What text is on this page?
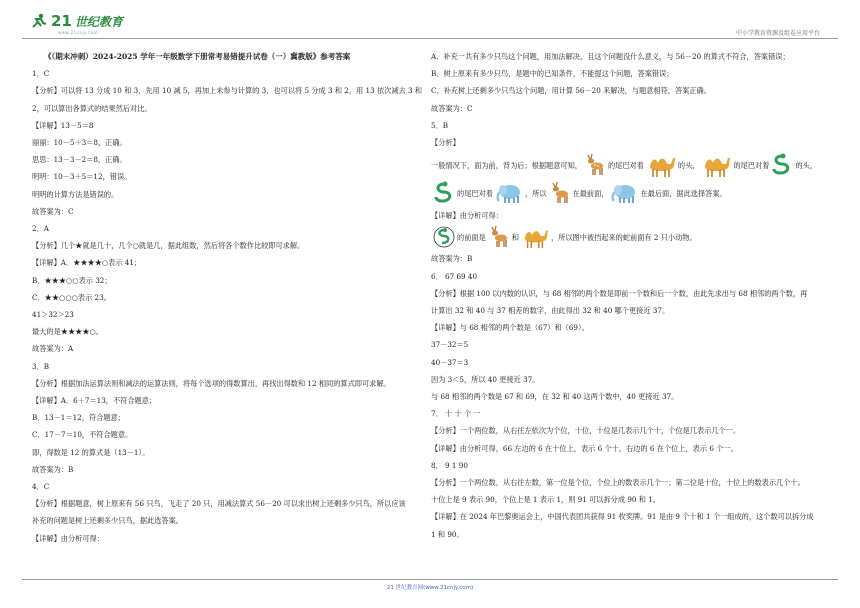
21 世纪教育
www.21cnjy.com	中小学教育资源及组卷应用平台
《（期末冲刺）2024-2025 学年一年级数学下册常考易错提升试卷（一）冀教版》参考答案
1．C
【分析】可以将 13 分成 10 和 3，先用 10 减 5，再加上未参与计算的 3，也可以将 5 分成 3 和 2，用 13 依次减去 3 和
2，可以算出各算式的结果然后对比。
【详解】13－5＝8
丽丽：10－5＋3＝8，正确。
思思：13－3－2＝8，正确。
明明：10－3＋5＝12，错误。
明明的计算方法是错误的。
故答案为：C
2．A
【分析】几个★就是几十，几个○就是几，据此组数，然后将各个数作比较即可求解。
【详解】A．★★★★○表示 41；
B．★★★○○表示 32；
C．★★○○○表示 23。
41＞32＞23
最大的是★★★★○。
故答案为：A
3．B
【分析】根据加法运算法则和减法的运算法则，将每个选项的得数算出，再找出得数和 12 相同的算式即可求解。
【详解】A．6＋7＝13，不符合题意；
B．13－1＝12，符合题意；
C．17－7＝10，不符合题意。
即，得数是 12 的算式是（13－1）。
故答案为：B
4．C
【分析】根据题意，树上原来有 56 只鸟，飞走了 20 只，用减法算式 56－20 可以求出树上还剩多少只鸟，所以应该
补充的问题是树上还剩多少只鸟，据此选答案。
【详解】由分析可得：
A．补充一共有多少只鸟这个问题，用加法解决，且这个问题没什么意义，与 56－20 的算式不符合，答案错误；
B．树上原来有多少只鸟，是题中的已知条件，不能提这个问题，答案错误；
C．补充树上还剩多少只鸟这个问题，用计算 56－20 来解决，与题意相符，答案正确。
故答案为：C
5．B
【分析】
一般情况下，面为前，背为后；根据题意可知，	的尾巴对着	的头，	的尾巴对着	的头，
的尾巴对着	，所以	在最前面，	在最后面，据此选择答案。
【详解】由分析可得：
的前面是	和	，所以图中被挡起来的蛇前面有 2 只小动物。
故答案为：B
6． 67 69 40
【分析】根据 100 以内数的认识，与 68 相邻的两个数是即前一个数和后一个数，由此先求出与 68 相邻的两个数，再
计算出 32 和 40 与 37 相差的数字，由此得出 32 和 40 哪个更接近 37。
【详解】与 68 相邻的两个数是（67）和（69）。
37－32＝5
40－37＝3
因为 3＜5，所以 40 更接近 37。
与 68 相邻的两个数是 67 和 69，在 32 和 40 这两个数中，40 更接近 37。
7． 十 十 个 一
【分析】一个两位数，从右往左依次为个位，十位，十位是几表示几个十，个位是几表示几个一。
【详解】由分析可得，66 左边的 6 在十位上，表示 6 个十，右边的 6 在个位上，表示 6 个一。
8． 9 1 90
【分析】一个两位数，从右往左数，第一位是个位，个位上的数表示几个一；第二位是十位，十位上的数表示几个十。
十位上是 9 表示 90，个位上是 1 表示 1，则 91 可以拆分成 90 和 1。
【详解】在 2024 年巴黎奥运会上，中国代表团共获得 91 枚奖牌。91 是由 9 个十和 1 个一组成的，这个数可以拆分成
1 和 90。
21 世纪教育网(www.21cnjy.com)
